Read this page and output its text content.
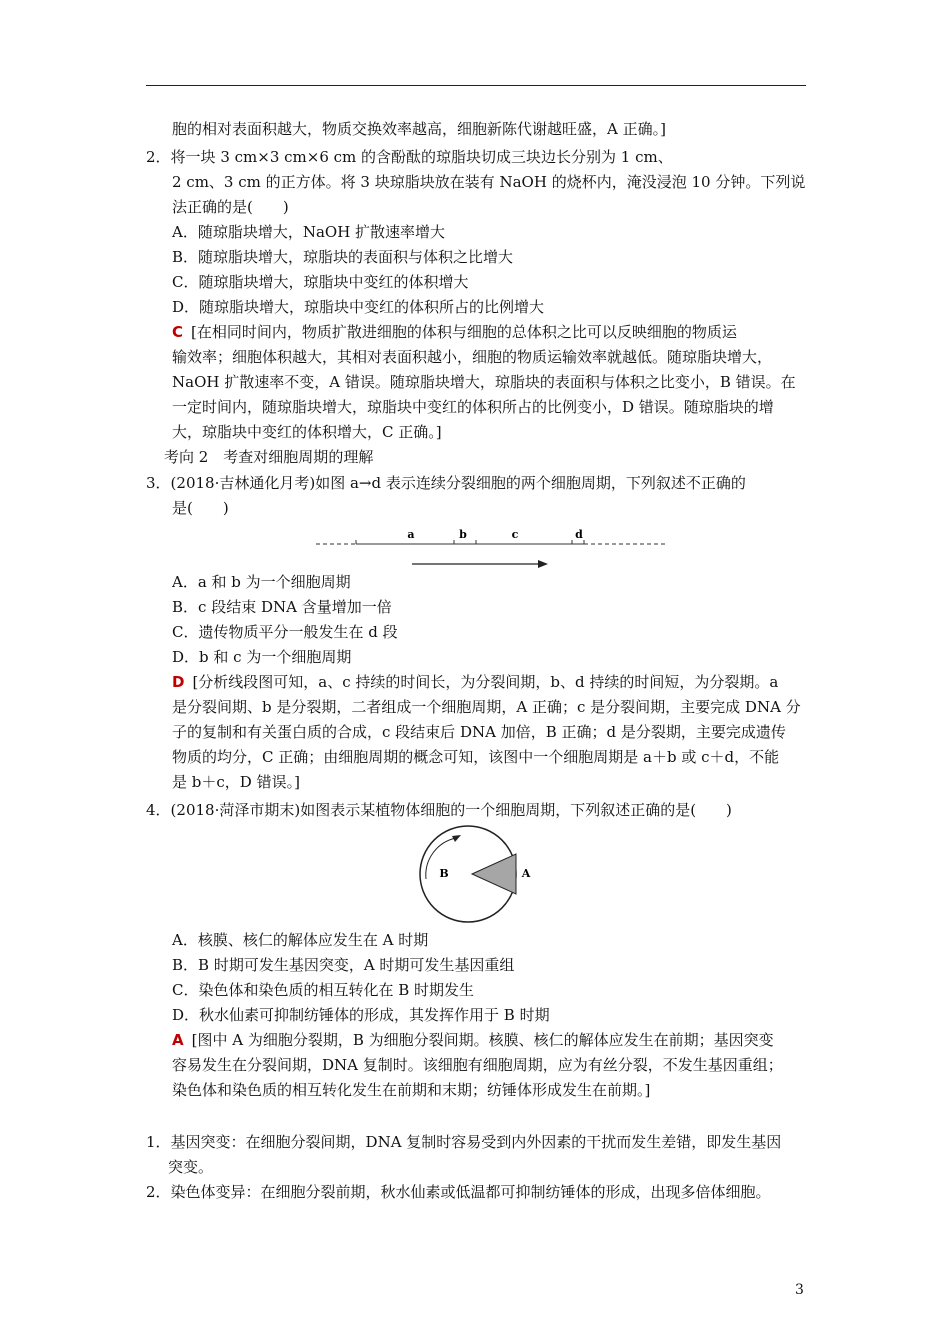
胞的相对表面积越大，物质交换效率越高，细胞新陈代谢越旺盛，A 正确。]

2．将一块 3 cm×3 cm×6 cm 的含酚酞的琼脂块切成三块边长分别为 1 cm、

2 cm、3 cm 的正方体。将 3 块琼脂块放在装有 NaOH 的烧杯内，淹没浸泡 10 分钟。下列说

法正确的是(　　)

A．随琼脂块增大，NaOH 扩散速率增大

B．随琼脂块增大，琼脂块的表面积与体积之比增大

C．随琼脂块增大，琼脂块中变红的体积增大

D．随琼脂块增大，琼脂块中变红的体积所占的比例增大

C [在相同时间内，物质扩散进细胞的体积与细胞的总体积之比可以反映细胞的物质运

输效率；细胞体积越大，其相对表面积越小，细胞的物质运输效率就越低。随琼脂块增大，

NaOH 扩散速率不变，A 错误。随琼脂块增大，琼脂块的表面积与体积之比变小，B 错误。在

一定时间内，随琼脂块增大，琼脂块中变红的体积所占的比例变小，D 错误。随琼脂块的增

大，琼脂块中变红的体积增大，C 正确。]

考向 2　考查对细胞周期的理解

3．(2018·吉林通化月考)如图 a→d 表示连续分裂细胞的两个细胞周期，下列叙述不正确的

是(　　)

a	b	c	d

A．a 和 b 为一个细胞周期

B．c 段结束 DNA 含量增加一倍

C．遗传物质平分一般发生在 d 段

D．b 和 c 为一个细胞周期

D [分析线段图可知，a、c 持续的时间长，为分裂间期，b、d 持续的时间短，为分裂期。a

是分裂间期、b 是分裂期，二者组成一个细胞周期，A 正确；c 是分裂间期，主要完成 DNA 分

子的复制和有关蛋白质的合成，c 段结束后 DNA 加倍，B 正确；d 是分裂期，主要完成遗传

物质的均分，C 正确；由细胞周期的概念可知，该图中一个细胞周期是 a＋b 或 c＋d，不能

是 b＋c，D 错误。]

4．(2018·菏泽市期末)如图表示某植物体细胞的一个细胞周期，下列叙述正确的是(　　)

B	A

A．核膜、核仁的解体应发生在 A 时期

B．B 时期可发生基因突变，A 时期可发生基因重组

C．染色体和染色质的相互转化在 B 时期发生

D．秋水仙素可抑制纺锤体的形成，其发挥作用于 B 时期

A [图中 A 为细胞分裂期，B 为细胞分裂间期。核膜、核仁的解体应发生在前期；基因突变

容易发生在分裂间期，DNA 复制时。该细胞有细胞周期，应为有丝分裂，不发生基因重组；

染色体和染色质的相互转化发生在前期和末期；纺锤体形成发生在前期。]

1．基因突变：在细胞分裂间期，DNA 复制时容易受到内外因素的干扰而发生差错，即发生基因

突变。

2．染色体变异：在细胞分裂前期，秋水仙素或低温都可抑制纺锤体的形成，出现多倍体细胞。

3
